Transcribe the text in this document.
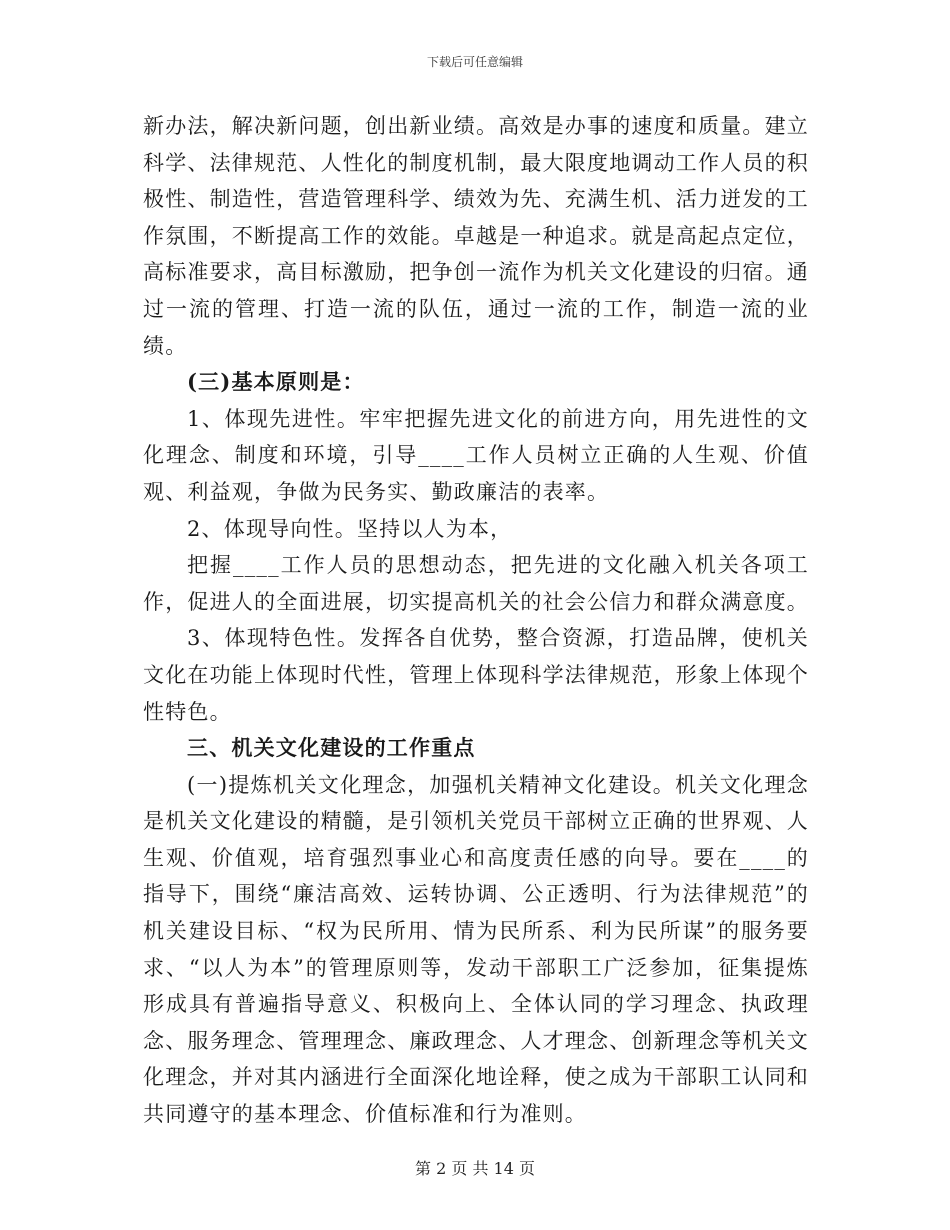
下载后可任意编辑

新办法，解决新问题，创出新业绩。高效是办事的速度和质量。建立科学、法律规范、人性化的制度机制，最大限度地调动工作人员的积极性、制造性，营造管理科学、绩效为先、充满生机、活力迸发的工作氛围，不断提高工作的效能。卓越是一种追求。就是高起点定位，高标准要求，高目标激励，把争创一流作为机关文化建设的归宿。通过一流的管理、打造一流的队伍，通过一流的工作，制造一流的业绩。

(三)基本原则是：

1、体现先进性。牢牢把握先进文化的前进方向，用先进性的文化理念、制度和环境，引导____工作人员树立正确的人生观、价值观、利益观，争做为民务实、勤政廉洁的表率。

2、体现导向性。坚持以人为本，

把握____工作人员的思想动态，把先进的文化融入机关各项工作，促进人的全面进展，切实提高机关的社会公信力和群众满意度。

3、体现特色性。发挥各自优势，整合资源，打造品牌，使机关文化在功能上体现时代性，管理上体现科学法律规范，形象上体现个性特色。

三、机关文化建设的工作重点

(一)提炼机关文化理念，加强机关精神文化建设。机关文化理念是机关文化建设的精髓，是引领机关党员干部树立正确的世界观、人生观、价值观，培育强烈事业心和高度责任感的向导。要在____的指导下，围绕“廉洁高效、运转协调、公正透明、行为法律规范”的机关建设目标、“权为民所用、情为民所系、利为民所谋”的服务要求、“以人为本”的管理原则等，发动干部职工广泛参加，征集提炼形成具有普遍指导意义、积极向上、全体认同的学习理念、执政理念、服务理念、管理理念、廉政理念、人才理念、创新理念等机关文化理念，并对其内涵进行全面深化地诠释，使之成为干部职工认同和共同遵守的基本理念、价值标准和行为准则。

第 2 页 共 14 页
